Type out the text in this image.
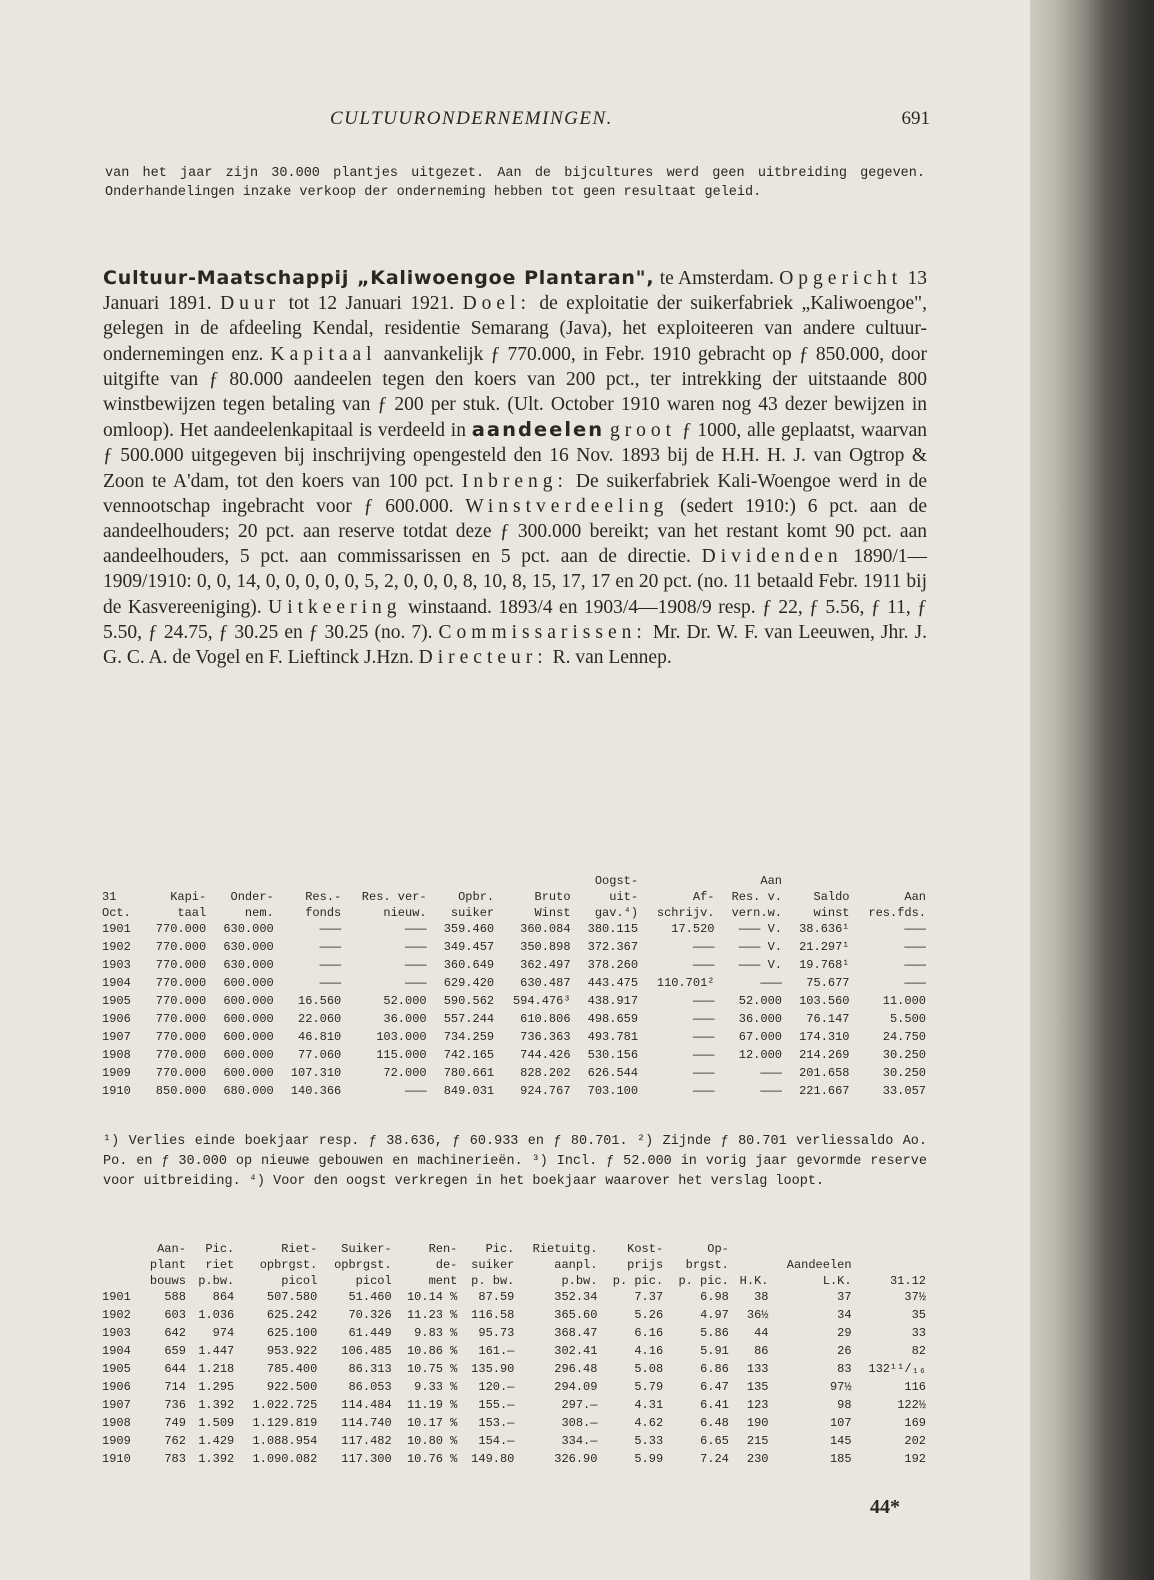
CULTUURONDERNEMINGEN.	691
van het jaar zijn 30.000 plantjes uitgezet. Aan de bijcultures werd geen uitbreiding gegeven. Onderhandelingen inzake verkoop der onderneming hebben tot geen resultaat geleid.

Cultuur-Maatschappij „Kaliwoengoe Plantaran", te Amsterdam. Opgericht 13 Januari 1891. Duur tot 12 Januari 1921. Doel: de exploitatie der suikerfabriek „Kaliwoengoe", gelegen in de afdeeling Kendal, residentie Semarang (Java), het exploiteeren van andere cultuur-ondernemingen enz. Kapitaal aanvankelijk ƒ 770.000, in Febr. 1910 gebracht op ƒ 850.000, door uitgifte van ƒ 80.000 aandeelen tegen den koers van 200 pct., ter intrekking der uitstaande 800 winstbewijzen tegen betaling van ƒ 200 per stuk. (Ult. October 1910 waren nog 43 dezer bewijzen in omloop). Het aandeelenkapitaal is verdeeld in aandeelen groot ƒ 1000, alle geplaatst, waarvan ƒ 500.000 uitgegeven bij inschrijving opengesteld den 16 Nov. 1893 bij de H.H. H. J. van Ogtrop & Zoon te A'dam, tot den koers van 100 pct. Inbreng: De suikerfabriek Kali-Woengoe werd in de vennootschap ingebracht voor ƒ 600.000. Winstverdeeling (sedert 1910:) 6 pct. aan de aandeelhouders; 20 pct. aan reserve totdat deze ƒ 300.000 bereikt; van het restant komt 90 pct. aan aandeelhouders, 5 pct. aan commissarissen en 5 pct. aan de directie. Dividenden 1890/1—1909/1910: 0, 0, 14, 0, 0, 0, 0, 0, 5, 2, 0, 0, 0, 8, 10, 8, 15, 17, 17 en 20 pct. (no. 11 betaald Febr. 1911 bij de Kasvereeniging). Uitkeering winstaand. 1893/4 en 1903/4—1908/9 resp. ƒ 22, ƒ 5.56, ƒ 11, ƒ 5.50, ƒ 24.75, ƒ 30.25 en ƒ 30.25 (no. 7). Commissarissen: Mr. Dr. W. F. van Leeuwen, Jhr. J. G. C. A. de Vogel en F. Lieftinck J.Hzn. Directeur: R. van Lennep.

							Oogst-		Aan		
31	Kapi-	Onder-	Res.-	Res. ver-	Opbr.	Bruto	uit-	Af-	Res. v.	Saldo	Aan
Oct.	taal	nem.	fonds	nieuw.	suiker	Winst	gav.⁴)	schrijv.	vern.w.	winst	res.fds.
1901	770.000	630.000	———	———	359.460	360.084	380.115	17.520	——— V.	38.636¹	———
1902	770.000	630.000	———	———	349.457	350.898	372.367	———	——— V.	21.297¹	———
1903	770.000	630.000	———	———	360.649	362.497	378.260	———	——— V.	19.768¹	———
1904	770.000	600.000	———	———	629.420	630.487	443.475	110.701²	———	75.677	———
1905	770.000	600.000	16.560	52.000	590.562	594.476³	438.917	———	52.000	103.560	11.000
1906	770.000	600.000	22.060	36.000	557.244	610.806	498.659	———	36.000	76.147	5.500
1907	770.000	600.000	46.810	103.000	734.259	736.363	493.781	———	67.000	174.310	24.750
1908	770.000	600.000	77.060	115.000	742.165	744.426	530.156	———	12.000	214.269	30.250
1909	770.000	600.000	107.310	72.000	780.661	828.202	626.544	———	———	201.658	30.250
1910	850.000	680.000	140.366	———	849.031	924.767	703.100	———	———	221.667	33.057
¹) Verlies einde boekjaar resp. ƒ 38.636, ƒ 60.933 en ƒ 80.701. ²) Zijnde ƒ 80.701 verliessaldo Ao. Po. en ƒ 30.000 op nieuwe gebouwen en machinerieën. ³) Incl. ƒ 52.000 in vorig jaar gevormde reserve voor uitbreiding. ⁴) Voor den oogst verkregen in het boekjaar waarover het verslag loopt.
	Aan-	Pic.	Riet-	Suiker-	Ren-	Pic.	Rietuitg.	Kost-	Op-			
	plant	riet	opbrgst.	opbrgst.	de-	suiker	aanpl.	prijs	brgst.		Aandeelen	
	bouws	p.bw.	picol	picol	ment	p. bw.	p.bw.	p. pic.	p. pic.	H.K.	L.K.	31.12
1901	588	864	507.580	51.460	10.14 %	87.59	352.34	7.37	6.98	38	37	37½
1902	603	1.036	625.242	70.326	11.23 %	116.58	365.60	5.26	4.97	36½	34	35
1903	642	974	625.100	61.449	9.83 %	95.73	368.47	6.16	5.86	44	29	33
1904	659	1.447	953.922	106.485	10.86 %	161.—	302.41	4.16	5.91	86	26	82
1905	644	1.218	785.400	86.313	10.75 %	135.90	296.48	5.08	6.86	133	83	132¹¹/₁₆
1906	714	1.295	922.500	86.053	9.33 %	120.—	294.09	5.79	6.47	135	97½	116
1907	736	1.392	1.022.725	114.484	11.19 %	155.—	297.—	4.31	6.41	123	98	122½
1908	749	1.509	1.129.819	114.740	10.17 %	153.—	308.—	4.62	6.48	190	107	169
1909	762	1.429	1.088.954	117.482	10.80 %	154.—	334.—	5.33	6.65	215	145	202
1910	783	1.392	1.090.082	117.300	10.76 %	149.80	326.90	5.99	7.24	230	185	192
44*
